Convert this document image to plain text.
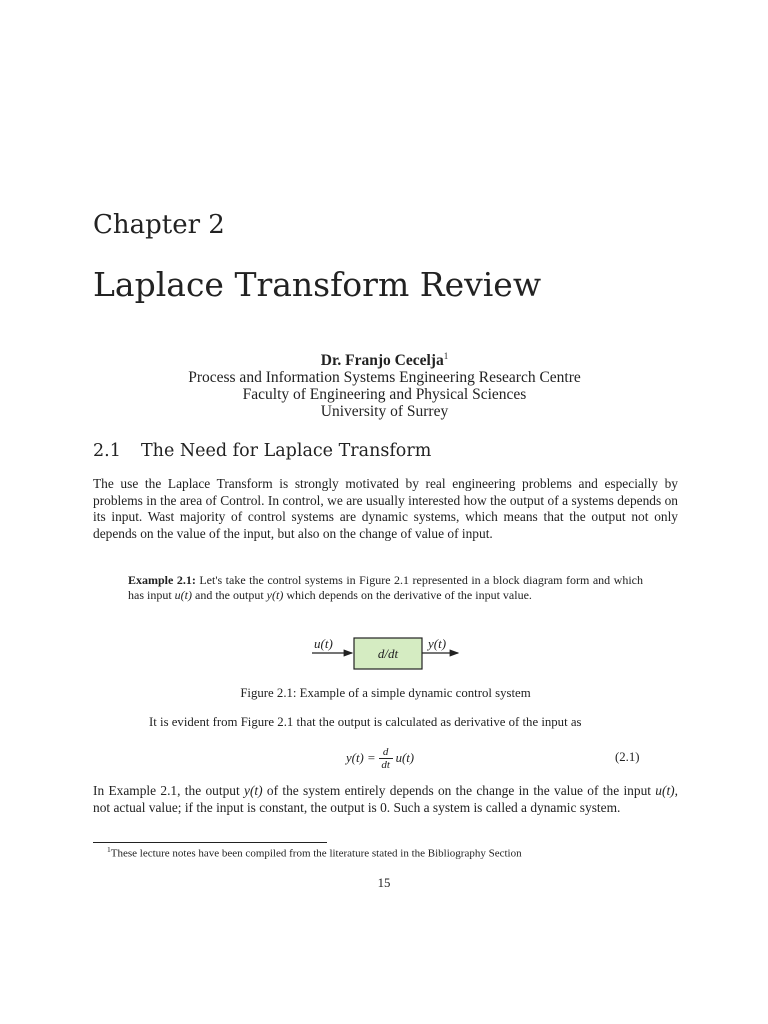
Chapter 2
Laplace Transform Review
Dr. Franjo Cecelja$^1$
Process and Information Systems Engineering Research Centre
Faculty of Engineering and Physical Sciences
University of Surrey
2.1 The Need for Laplace Transform

The use the Laplace Transform is strongly motivated by real engineering problems and especially by problems in the area of Control. In control, we are usually interested how the output of a systems depends on its input. Wast majority of control systems are dynamic systems, which means that the output not only depends on the value of the input, but also on the change of value of input.

Example 2.1: Let's take the control systems in Figure 2.1 represented in a block diagram form and which has input u(t) and the output y(t) which depends on the derivative of the input value.

u(t)
d/dt
y(t)

Figure 2.1: Example of a simple dynamic control system

It is evident from Figure 2.1 that the output is calculated as derivative of the input as

$y(t) = \frac{d}{dt} u(t)$	(2.1)

In Example 2.1, the output y(t) of the system entirely depends on the change in the value of the input u(t), not actual value; if the input is constant, the output is 0. Such a system is called a dynamic system.

$^1$These lecture notes have been compiled from the literature stated in the Bibliography Section

15
